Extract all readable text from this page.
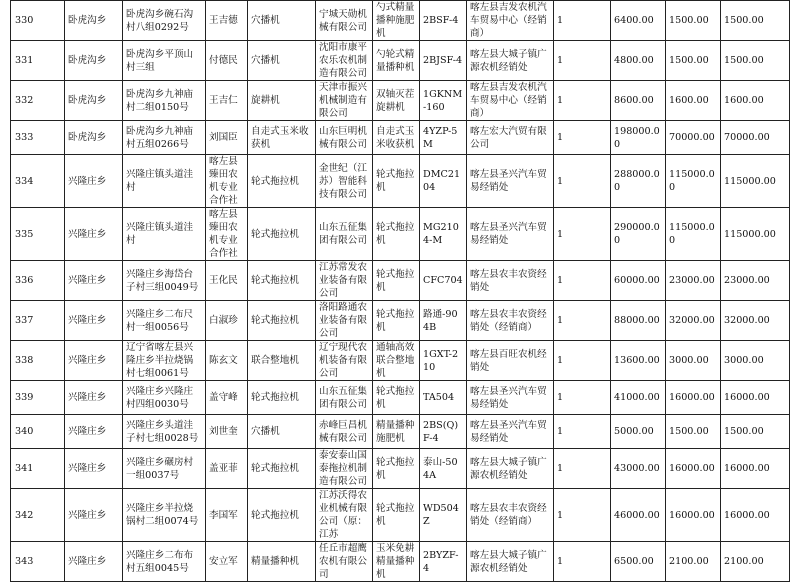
330	卧虎沟乡	卧虎沟乡碗石沟村八组0292号	王吉德	穴播机	宁城天勋机械有限公司	勺式精量播种施肥机	2BSF-4	喀左县吉发农机汽车贸易中心（经销商）	1	6400.00	1500.00	1500.00
331	卧虎沟乡	卧虎沟乡平顶山村三组	付德民	穴播机	沈阳市康平农乐农机制造有限公司	勺轮式精量播种机	2BJSF-4	喀左县大城子镇广源农机经销处	1	4800.00	1500.00	1500.00
332	卧虎沟乡	卧虎沟乡九神庙村二组0150号	王吉仁	旋耕机	天津市振兴机械制造有限公司	双轴灭茬旋耕机	1GKNM-160	喀左县吉发农机汽车贸易中心（经销商）	1	8600.00	1600.00	1600.00
333	卧虎沟乡	卧虎沟乡九神庙村五组0266号	刘国臣	自走式玉米收获机	山东巨明机械有限公司	自走式玉米收获机	4YZP-5M	喀左宏大汽贸有限公司	1	198000.00	70000.00	70000.00
334	兴隆庄乡	兴隆庄镇头道洼村	喀左县臻田农机专业合作社	轮式拖拉机	金世纪（江苏）智能科技有限公司	轮式拖拉机	DMC2104	喀左县圣兴汽车贸易经销处	1	288000.00	115000.00	115000.00
335	兴隆庄乡	兴隆庄镇头道洼村	喀左县臻田农机专业合作社	轮式拖拉机	山东五征集团有限公司	轮式拖拉机	MG2104-M	喀左县圣兴汽车贸易经销处	1	290000.00	115000.00	115000.00
336	兴隆庄乡	兴隆庄乡海岱台子村三组0049号	王化民	轮式拖拉机	江苏常发农业装备有限公司	轮式拖拉机	CFC704	喀左县农丰农资经销处	1	60000.00	23000.00	23000.00
337	兴隆庄乡	兴隆庄乡二布尺村一组0056号	白淑珍	轮式拖拉机	洛阳路通农业装备有限公司	轮式拖拉机	路通-904B	喀左县农丰农资经销处（经销商）	1	88000.00	32000.00	32000.00
338	兴隆庄乡	辽宁省喀左县兴隆庄乡半拉烧锅村七组0061号	陈玄文	联合整地机	辽宁现代农机装备有限公司	通轴高效联合整地机	1GXT-210	喀左县百旺农机经销处	1	13600.00	3000.00	3000.00
339	兴隆庄乡	兴隆庄乡兴隆庄村四组0030号	盖守峰	轮式拖拉机	山东五征集团有限公司	轮式拖拉机	TA504	喀左县圣兴汽车贸易经销处	1	41000.00	16000.00	16000.00
340	兴隆庄乡	兴隆庄乡头道洼子村七组0028号	刘世奎	穴播机	赤峰巨昌机械有限公司	精量播种施肥机	2BS(Q)F-4	喀左县圣兴汽车贸易经销处	1	5000.00	1500.00	1500.00
341	兴隆庄乡	兴隆庄乡碾房村一组0037号	盖亚菲	轮式拖拉机	泰安泰山国泰拖拉机制造有限公司	轮式拖拉机	泰山-504A	喀左县大城子镇广源农机经销处	1	43000.00	16000.00	16000.00
342	兴隆庄乡	兴隆庄乡半拉烧锅村二组0074号	李国军	轮式拖拉机	江苏沃得农业机械有限公司（原：江苏	轮式拖拉机	WD504Z	喀左县农丰农资经销处（经销商）	1	46000.00	16000.00	16000.00
343	兴隆庄乡	兴隆庄乡二布布村五组0045号	安立军	精量播种机	任丘市超鹰农机有限公司	玉米免耕精量播种机	2BYZF-4	喀左县大城子镇广源农机经销处	1	6500.00	2100.00	2100.00
